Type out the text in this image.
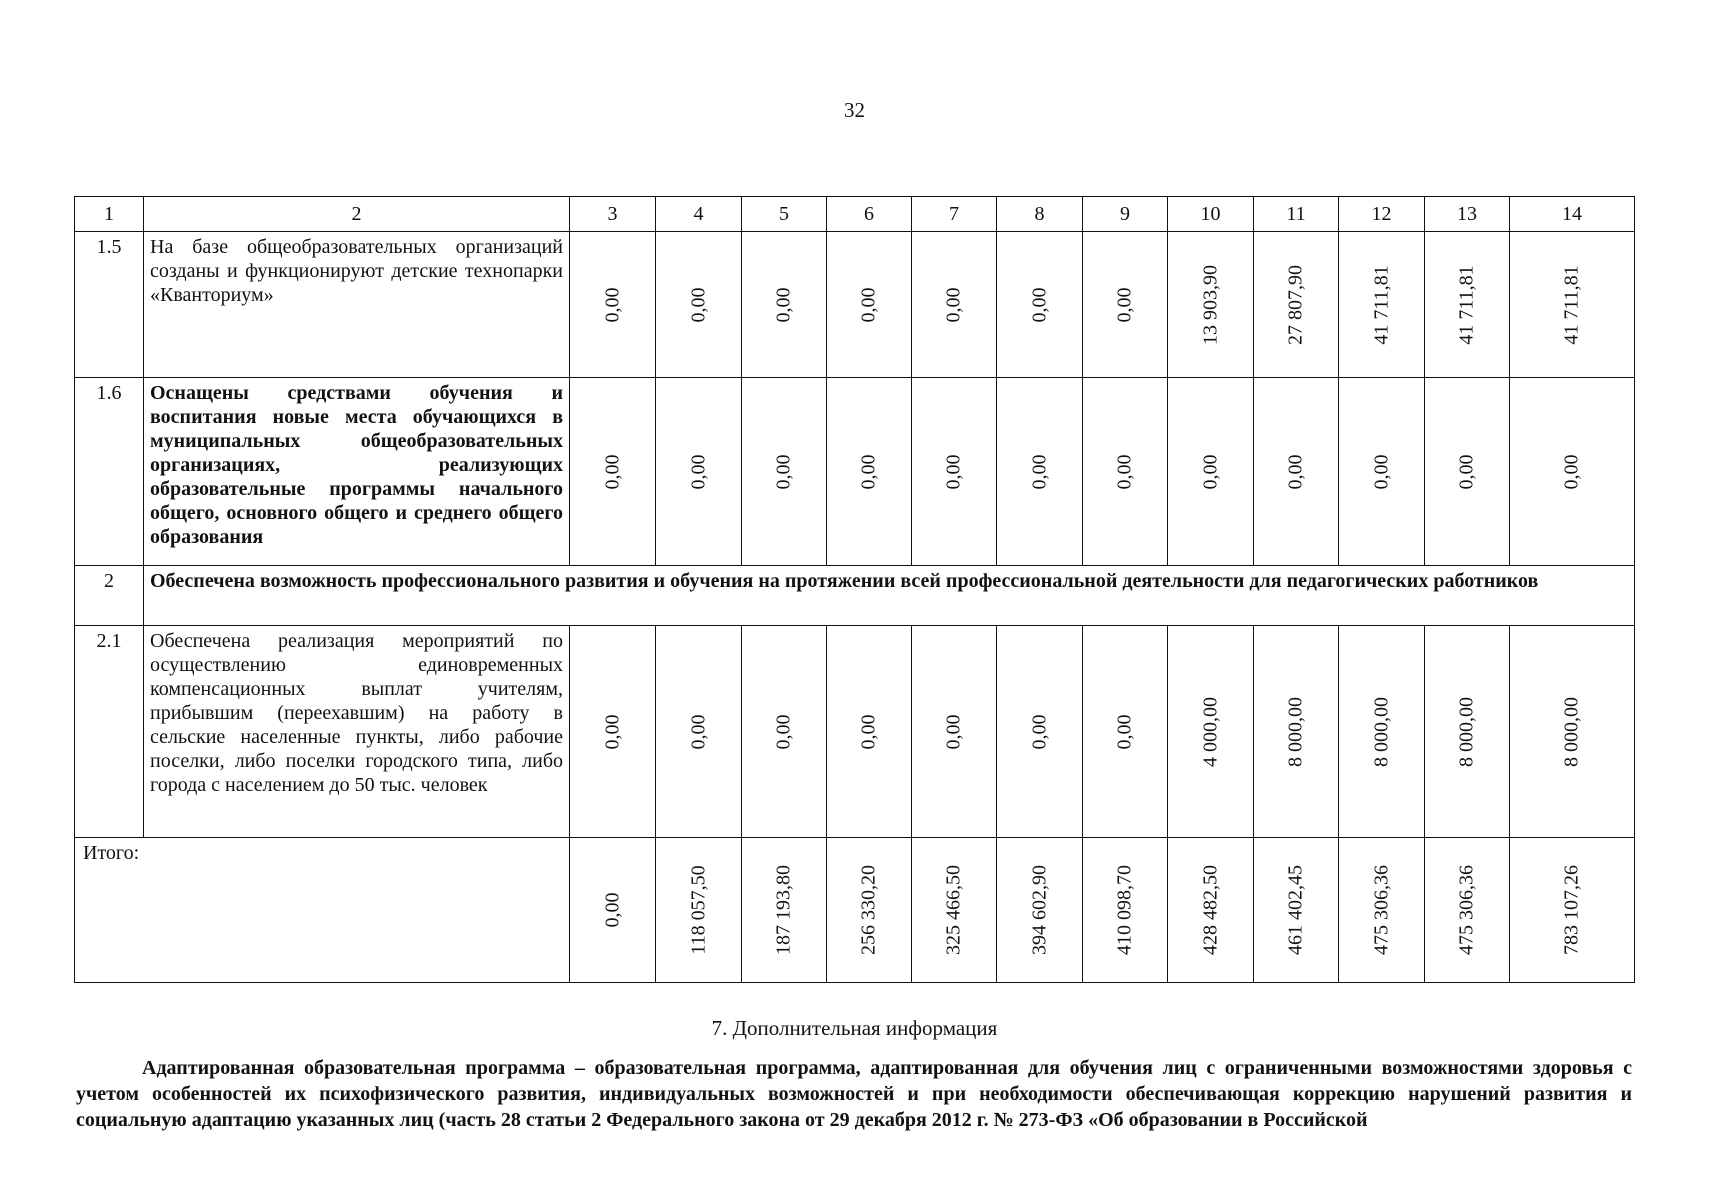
32
1	2	3	4	5	6	7	8	9	10	11	12	13	14
1.5	На базе общеобразовательных организаций созданы и функционируют детские технопарки «Кванториум»	0,00	0,00	0,00	0,00	0,00	0,00	0,00	13 903,90	27 807,90	41 711,81	41 711,81	41 711,81

1.6	Оснащены средствами обучения и воспитания новые места обучающихся в муниципальных общеобразовательных организациях, реализующих образовательные программы начального общего, основного общего и среднего общего образования	0,00	0,00	0,00	0,00	0,00	0,00	0,00	0,00	0,00	0,00	0,00	0,00

2	Обеспечена возможность профессионального развития и обучения на протяжении всей профессиональной деятельности для педагогических работников												
2.1	Обеспечена реализация мероприятий по осуществлению единовременных компенсационных выплат учителям, прибывшим (переехавшим) на работу в сельские населенные пункты, либо рабочие поселки, либо поселки городского типа, либо города с населением до 50 тыс. человек	0,00	0,00	0,00	0,00	0,00	0,00	0,00	4 000,00	8 000,00	8 000,00	8 000,00	8 000,00

Итого:		0,00	118 057,50	187 193,80	256 330,20	325 466,50	394 602,90	410 098,70	428 482,50	461 402,45	475 306,36	475 306,36	783 107,26
7. Дополнительная информация
Адаптированная образовательная программа – образовательная программа, адаптированная для обучения лиц с ограниченными возможностями здоровья с учетом особенностей их психофизического развития, индивидуальных возможностей и при необходимости обеспечивающая коррекцию нарушений развития и социальную адаптацию указанных лиц (часть 28 статьи 2 Федерального закона от 29 декабря 2012 г. № 273-ФЗ «Об образовании в Российской
